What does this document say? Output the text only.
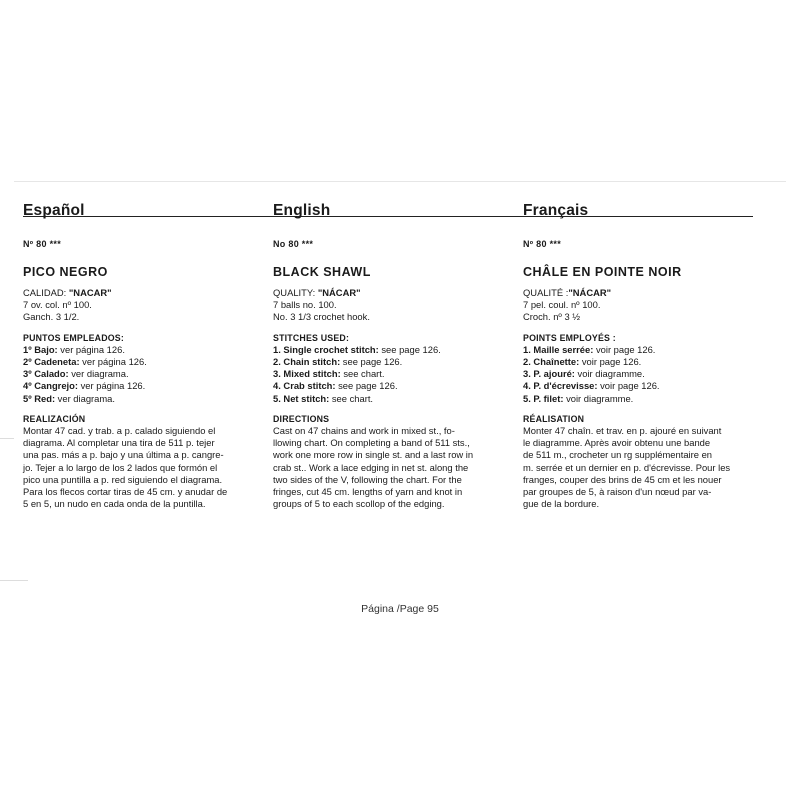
Español
Nº 80 ***
PICO NEGRO
CALIDAD: "NACAR"
7 ov. col. nº 100.
Ganch. 3 1/2.
PUNTOS EMPLEADOS:
1º Bajo: ver página 126.
2º Cadeneta: ver página 126.
3º Calado: ver diagrama.
4º Cangrejo: ver página 126.
5º Red: ver diagrama.
REALIZACIÓN
Montar 47 cad. y trab. a p. calado siguiendo el
diagrama. Al completar una tira de 511 p. tejer
una pas. más a p. bajo y una última a p. cangre-
jo. Tejer a lo largo de los 2 lados que formón el
pico una puntilla a p. red siguiendo el diagrama.
Para los flecos cortar tiras de 45 cm. y anudar de
5 en 5, un nudo en cada onda de la puntilla.
English
No 80 ***
BLACK SHAWL
QUALITY: "NÁCAR"
7 balls no. 100.
No. 3 1/3 crochet hook.
STITCHES USED:
1. Single crochet stitch: see page 126.
2. Chain stitch: see page 126.
3. Mixed stitch: see chart.
4. Crab stitch: see page 126.
5. Net stitch: see chart.
DIRECTIONS
Cast on 47 chains and work in mixed st., fo-
llowing chart. On completing a band of 511 sts.,
work one more row in single st. and a last row in
crab st.. Work a lace edging in net st. along the
two sides of the V, following the chart. For the
fringes, cut 45 cm. lengths of yarn and knot in
groups of 5 to each scollop of the edging.
Français
Nº 80 ***
CHÂLE EN POINTE NOIR
QUALITÉ :"NÁCAR"
7 pel. coul. nº 100.
Croch. nº 3 ½
POINTS EMPLOYÉS :
1. Maille serrée: voir page 126.
2. Chaînette: voir page 126.
3. P. ajouré: voir diagramme.
4. P. d'écrevisse: voir page 126.
5. P. filet: voir diagramme.
RÉALISATION
Monter 47 chaîn. et trav. en p. ajouré en suivant
le diagramme. Après avoir obtenu une bande
de 511 m., crocheter un rg supplémentaire en
m. serrée et un dernier en p. d'écrevisse. Pour les
franges, couper des brins de 45 cm et les nouer
par groupes de 5, à raison d'un nœud par va-
gue de la bordure.
Página /Page 95
